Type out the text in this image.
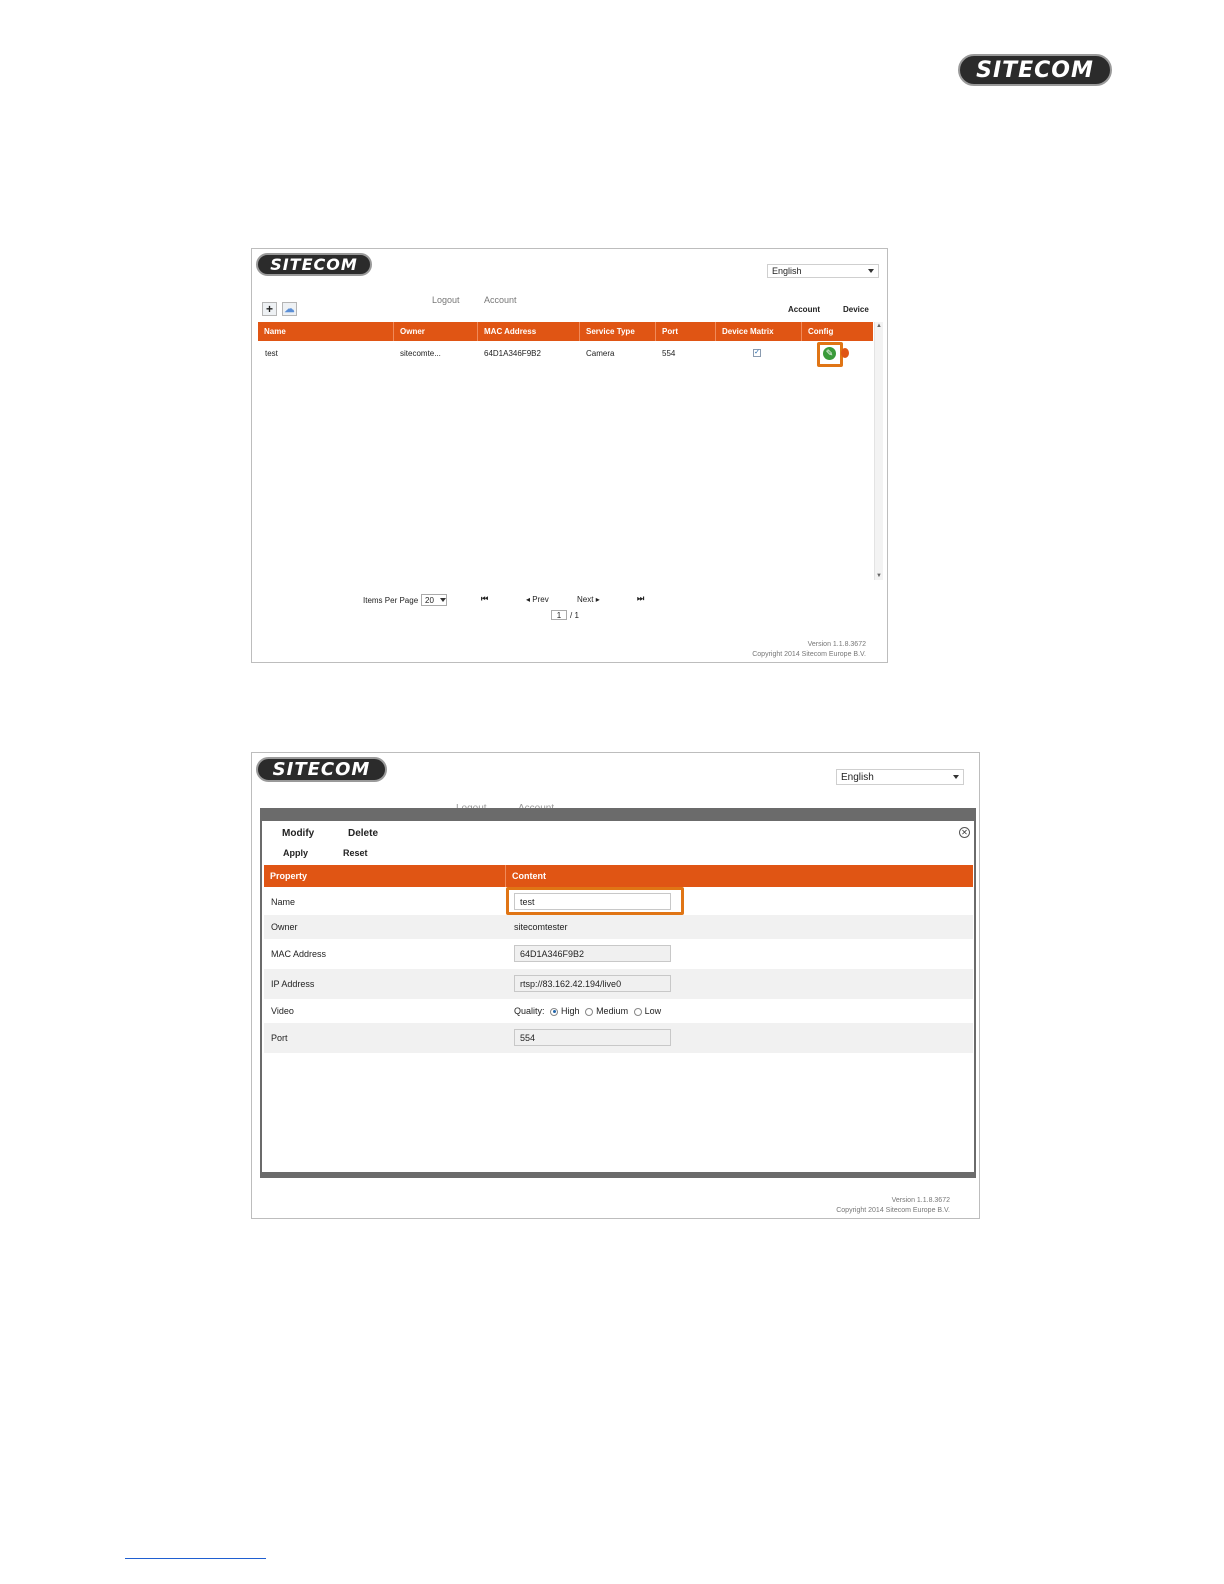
SITECOM
SITECOM	English
Logout	Account
+ ☁	Account	Device
Name	Owner	MAC Address	Service Type	Port	Device Matrix	Config
test	sitecomte...	64D1A346F9B2	Camera	554	✓	✎
▲
▼
Items Per Page 20	⏮	◂ Prev	Next ▸	⏭
1	/ 1
Version 1.1.8.3672
Copyright 2014 Sitecom Europe B.V.
SITECOM	English
Modify	Delete
Apply	Reset
✕
Property	Content
Name	test
Owner	sitecomtester
MAC Address	64D1A346F9B2
IP Address	rtsp://83.162.42.194/live0
Video	Quality: High Medium Low
Port	554
Version 1.1.8.3672
Copyright 2014 Sitecom Europe B.V.
